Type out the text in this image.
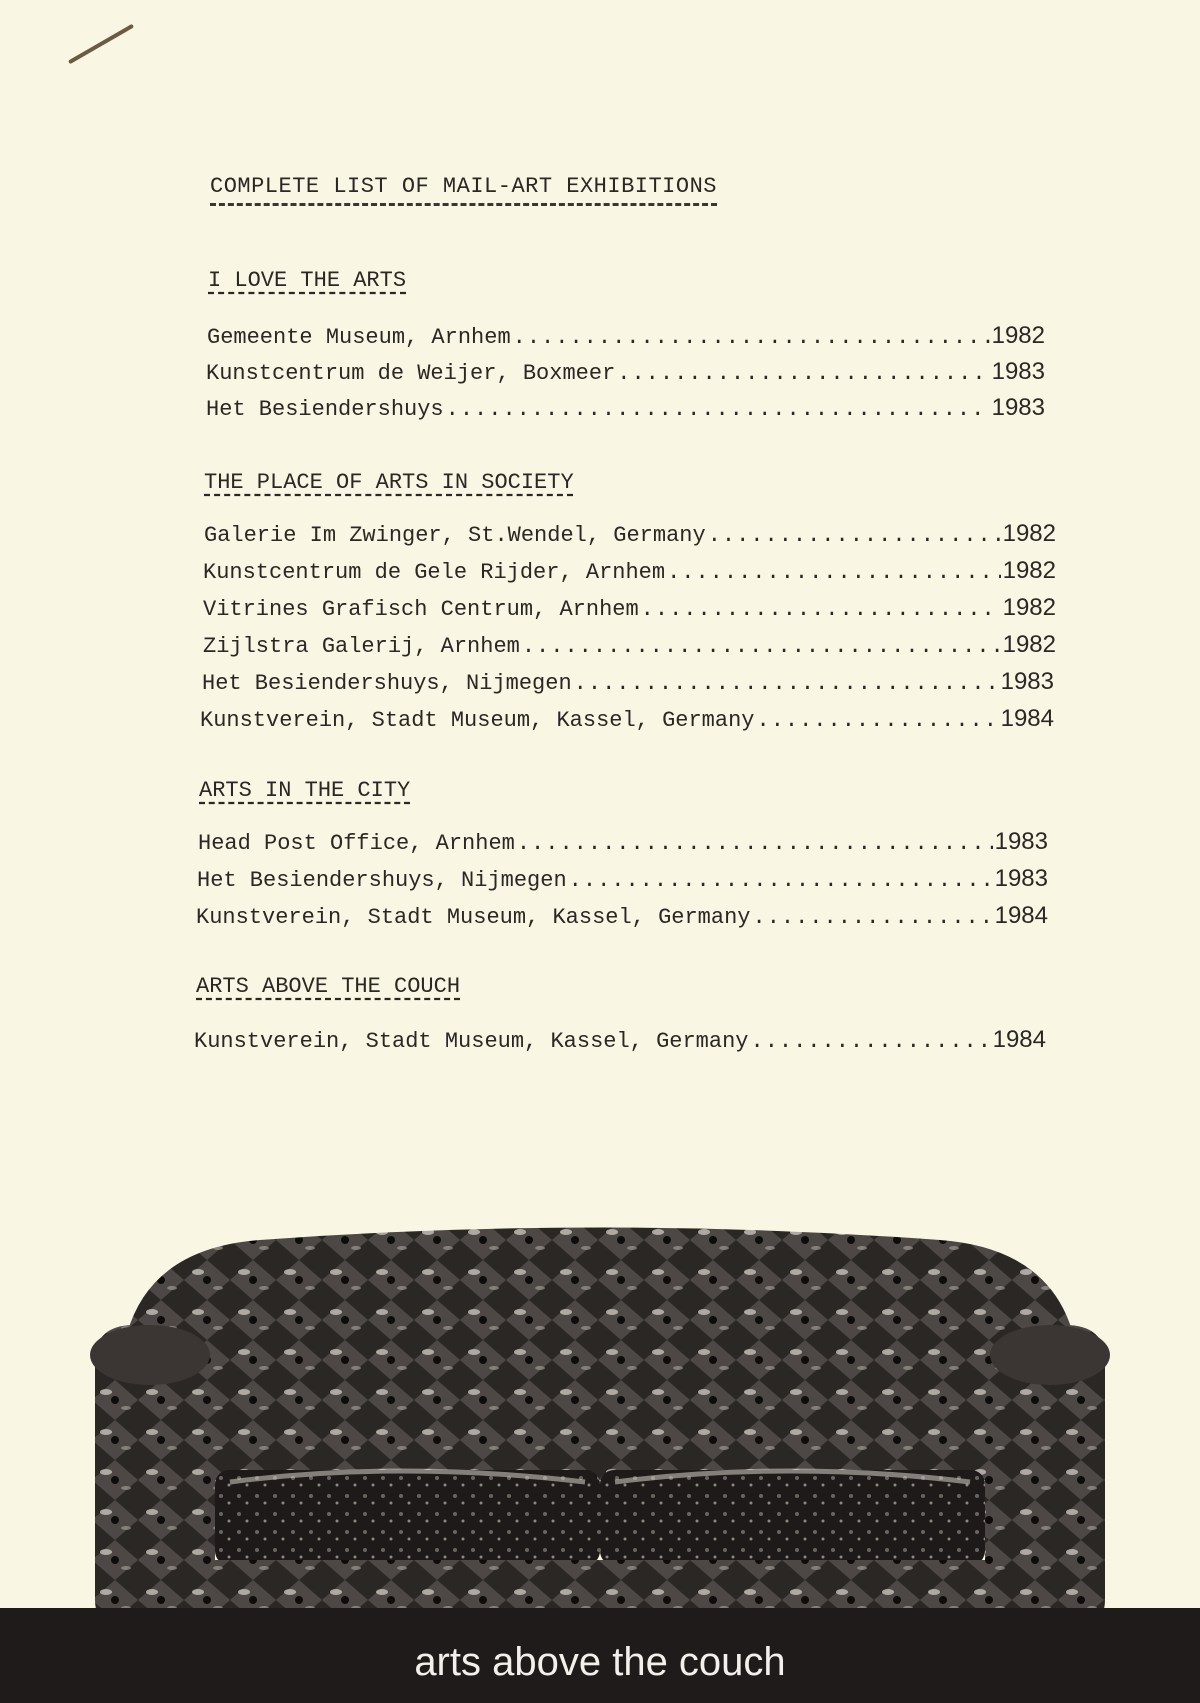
COMPLETE LIST OF MAIL-ART EXHIBITIONS
I LOVE THE ARTS
Gemeente Museum, Arnhem .....	1982
Kunstcentrum de Weijer, Boxmeer .....	1983
Het Besiendershuys .....	1983
THE PLACE OF ARTS IN SOCIETY
Galerie Im Zwinger, St.Wendel, Germany .....	1982
Kunstcentrum de Gele Rijder, Arnhem .....	1982
Vitrines Grafisch Centrum, Arnhem .....	1982
Zijlstra Galerij, Arnhem .....	1982
Het Besiendershuys, Nijmegen .....	1983
Kunstverein, Stadt Museum, Kassel, Germany .....	1984
ARTS IN THE CITY
Head Post Office, Arnhem .....	1983
Het Besiendershuys, Nijmegen .....	1983
Kunstverein, Stadt Museum, Kassel, Germany .....	1984
ARTS ABOVE THE COUCH
Kunstverein, Stadt Museum, Kassel, Germany .....	1984
arts above the couch
